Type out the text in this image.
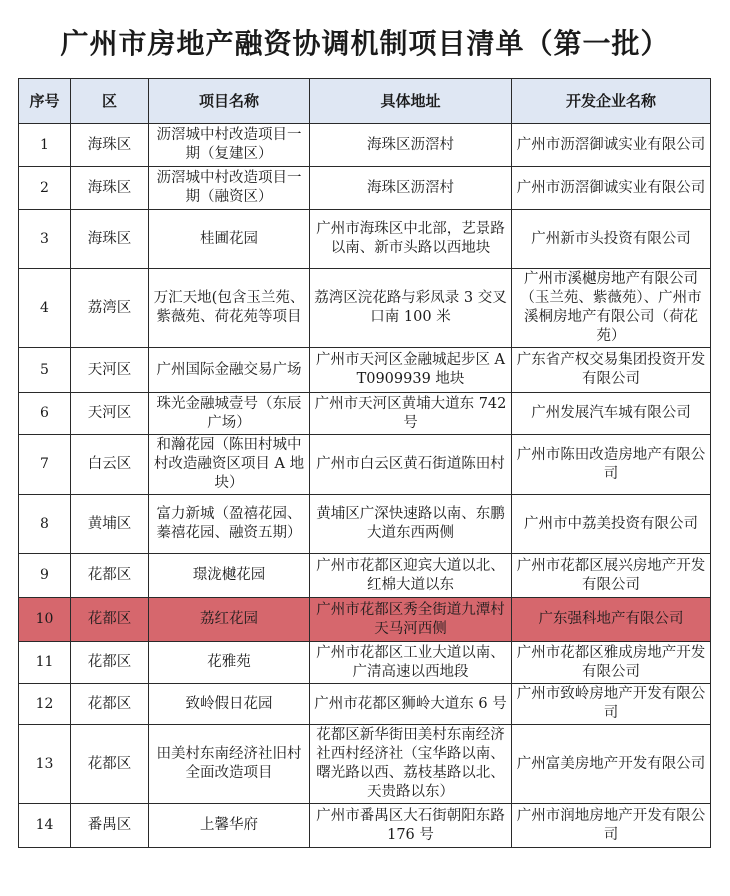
广州市房地产融资协调机制项目清单（第一批）
序号	区	项目名称	具体地址	开发企业名称
1	海珠区	沥滘城中村改造项目一期（复建区）	海珠区沥滘村	广州市沥滘御诚实业有限公司
2	海珠区	沥滘城中村改造项目一期（融资区）	海珠区沥滘村	广州市沥滘御诚实业有限公司
3	海珠区	桂圃花园	广州市海珠区中北部，艺景路以南、新市头路以西地块	广州新市头投资有限公司
4	荔湾区	万汇天地(包含玉兰苑、紫薇苑、荷花苑等项目	荔湾区浣花路与彩凤录 3 交叉口南 100 米	广州市溪樾房地产有限公司（玉兰苑、紫薇苑）、广州市溪桐房地产有限公司（荷花苑）
5	天河区	广州国际金融交易广场	广州市天河区金融城起步区 AT0909939 地块	广东省产权交易集团投资开发有限公司
6	天河区	珠光金融城壹号（东辰广场）	广州市天河区黄埔大道东 742 号	广州发展汽车城有限公司
7	白云区	和瀚花园（陈田村城中村改造融资区项目 A 地块）	广州市白云区黄石街道陈田村	广州市陈田改造房地产有限公司
8	黄埔区	富力新城（盈禧花园、蓁禧花园、融资五期）	黄埔区广深快速路以南、东鹏大道东西两侧	广州市中荔美投资有限公司
9	花都区	璟泷樾花园	广州市花都区迎宾大道以北、红棉大道以东	广州市花都区展兴房地产开发有限公司
10	花都区	荔红花园	广州市花都区秀全街道九潭村天马河西侧	广东强科地产有限公司
11	花都区	花雅苑	广州市花都区工业大道以南、广清高速以西地段	广州市花都区雅成房地产开发有限公司
12	花都区	致岭假日花园	广州市花都区狮岭大道东 6 号	广州市致岭房地产开发有限公司
13	花都区	田美村东南经济社旧村全面改造项目	花都区新华街田美村东南经济社西村经济社（宝华路以南、曙光路以西、荔枝基路以北、天贵路以东）	广州富美房地产开发有限公司
14	番禺区	上馨华府	广州市番禺区大石街朝阳东路 176 号	广州市润地房地产开发有限公司
